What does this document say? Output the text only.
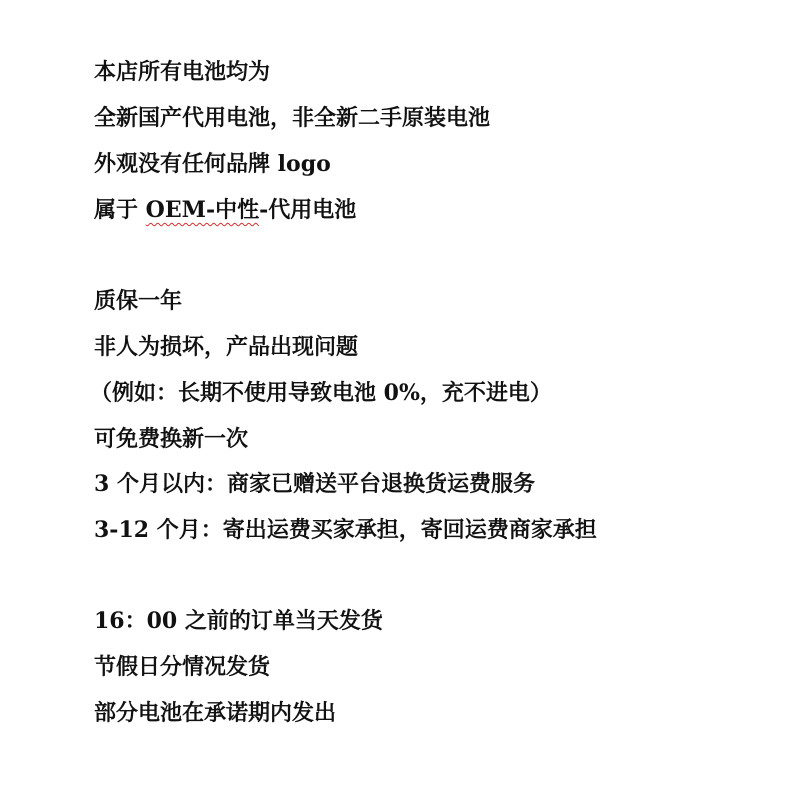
本店所有电池均为
全新国产代用电池，非全新二手原装电池
外观没有任何品牌 logo
属于 OEM-中性-代用电池
质保一年
非人为损坏，产品出现问题
（例如：长期不使用导致电池 0%，充不进电）
可免费换新一次
3 个月以内：商家已赠送平台退换货运费服务
3-12 个月：寄出运费买家承担，寄回运费商家承担
16：00 之前的订单当天发货
节假日分情况发货
部分电池在承诺期内发出
